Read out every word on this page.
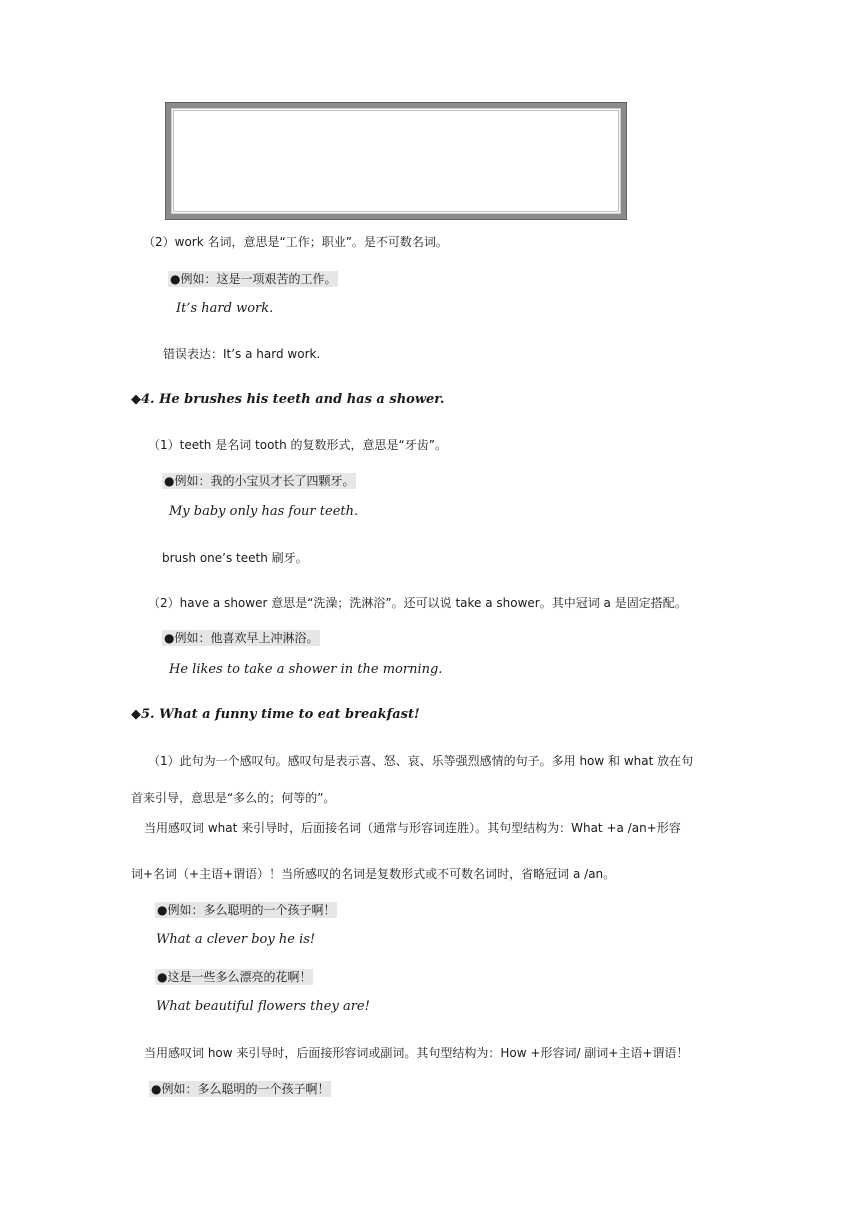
（2）work 名词，意思是“工作；职业”。是不可数名词。
●例如：这是一项艰苦的工作。
It’s hard work.
错误表达：It’s a hard work.
◆4. He brushes his teeth and has a shower.
（1）teeth 是名词 tooth 的复数形式，意思是“牙齿”。
●例如：我的小宝贝才长了四颗牙。
My baby only has four teeth.
brush one’s teeth 刷牙。
（2）have a shower 意思是“洗澡；洗淋浴”。还可以说 take a shower。其中冠词 a 是固定搭配。
●例如：他喜欢早上冲淋浴。
He likes to take a shower in the morning.
◆5. What a funny time to eat breakfast!
（1）此句为一个感叹句。感叹句是表示喜、怒、哀、乐等强烈感情的句子。多用 how 和 what 放在句
首来引导，意思是“多么的；何等的”。
当用感叹词 what 来引导时，后面接名词（通常与形容词连胜）。其句型结构为：What +a /an+形容
词+名词（+主语+谓语）！当所感叹的名词是复数形式或不可数名词时，省略冠词 a /an。
●例如：多么聪明的一个孩子啊！
What a clever boy he is!
●这是一些多么漂亮的花啊！
What beautiful flowers they are!
当用感叹词 how 来引导时，后面接形容词或副词。其句型结构为：How +形容词/ 副词+主语+谓语！
●例如：多么聪明的一个孩子啊！
